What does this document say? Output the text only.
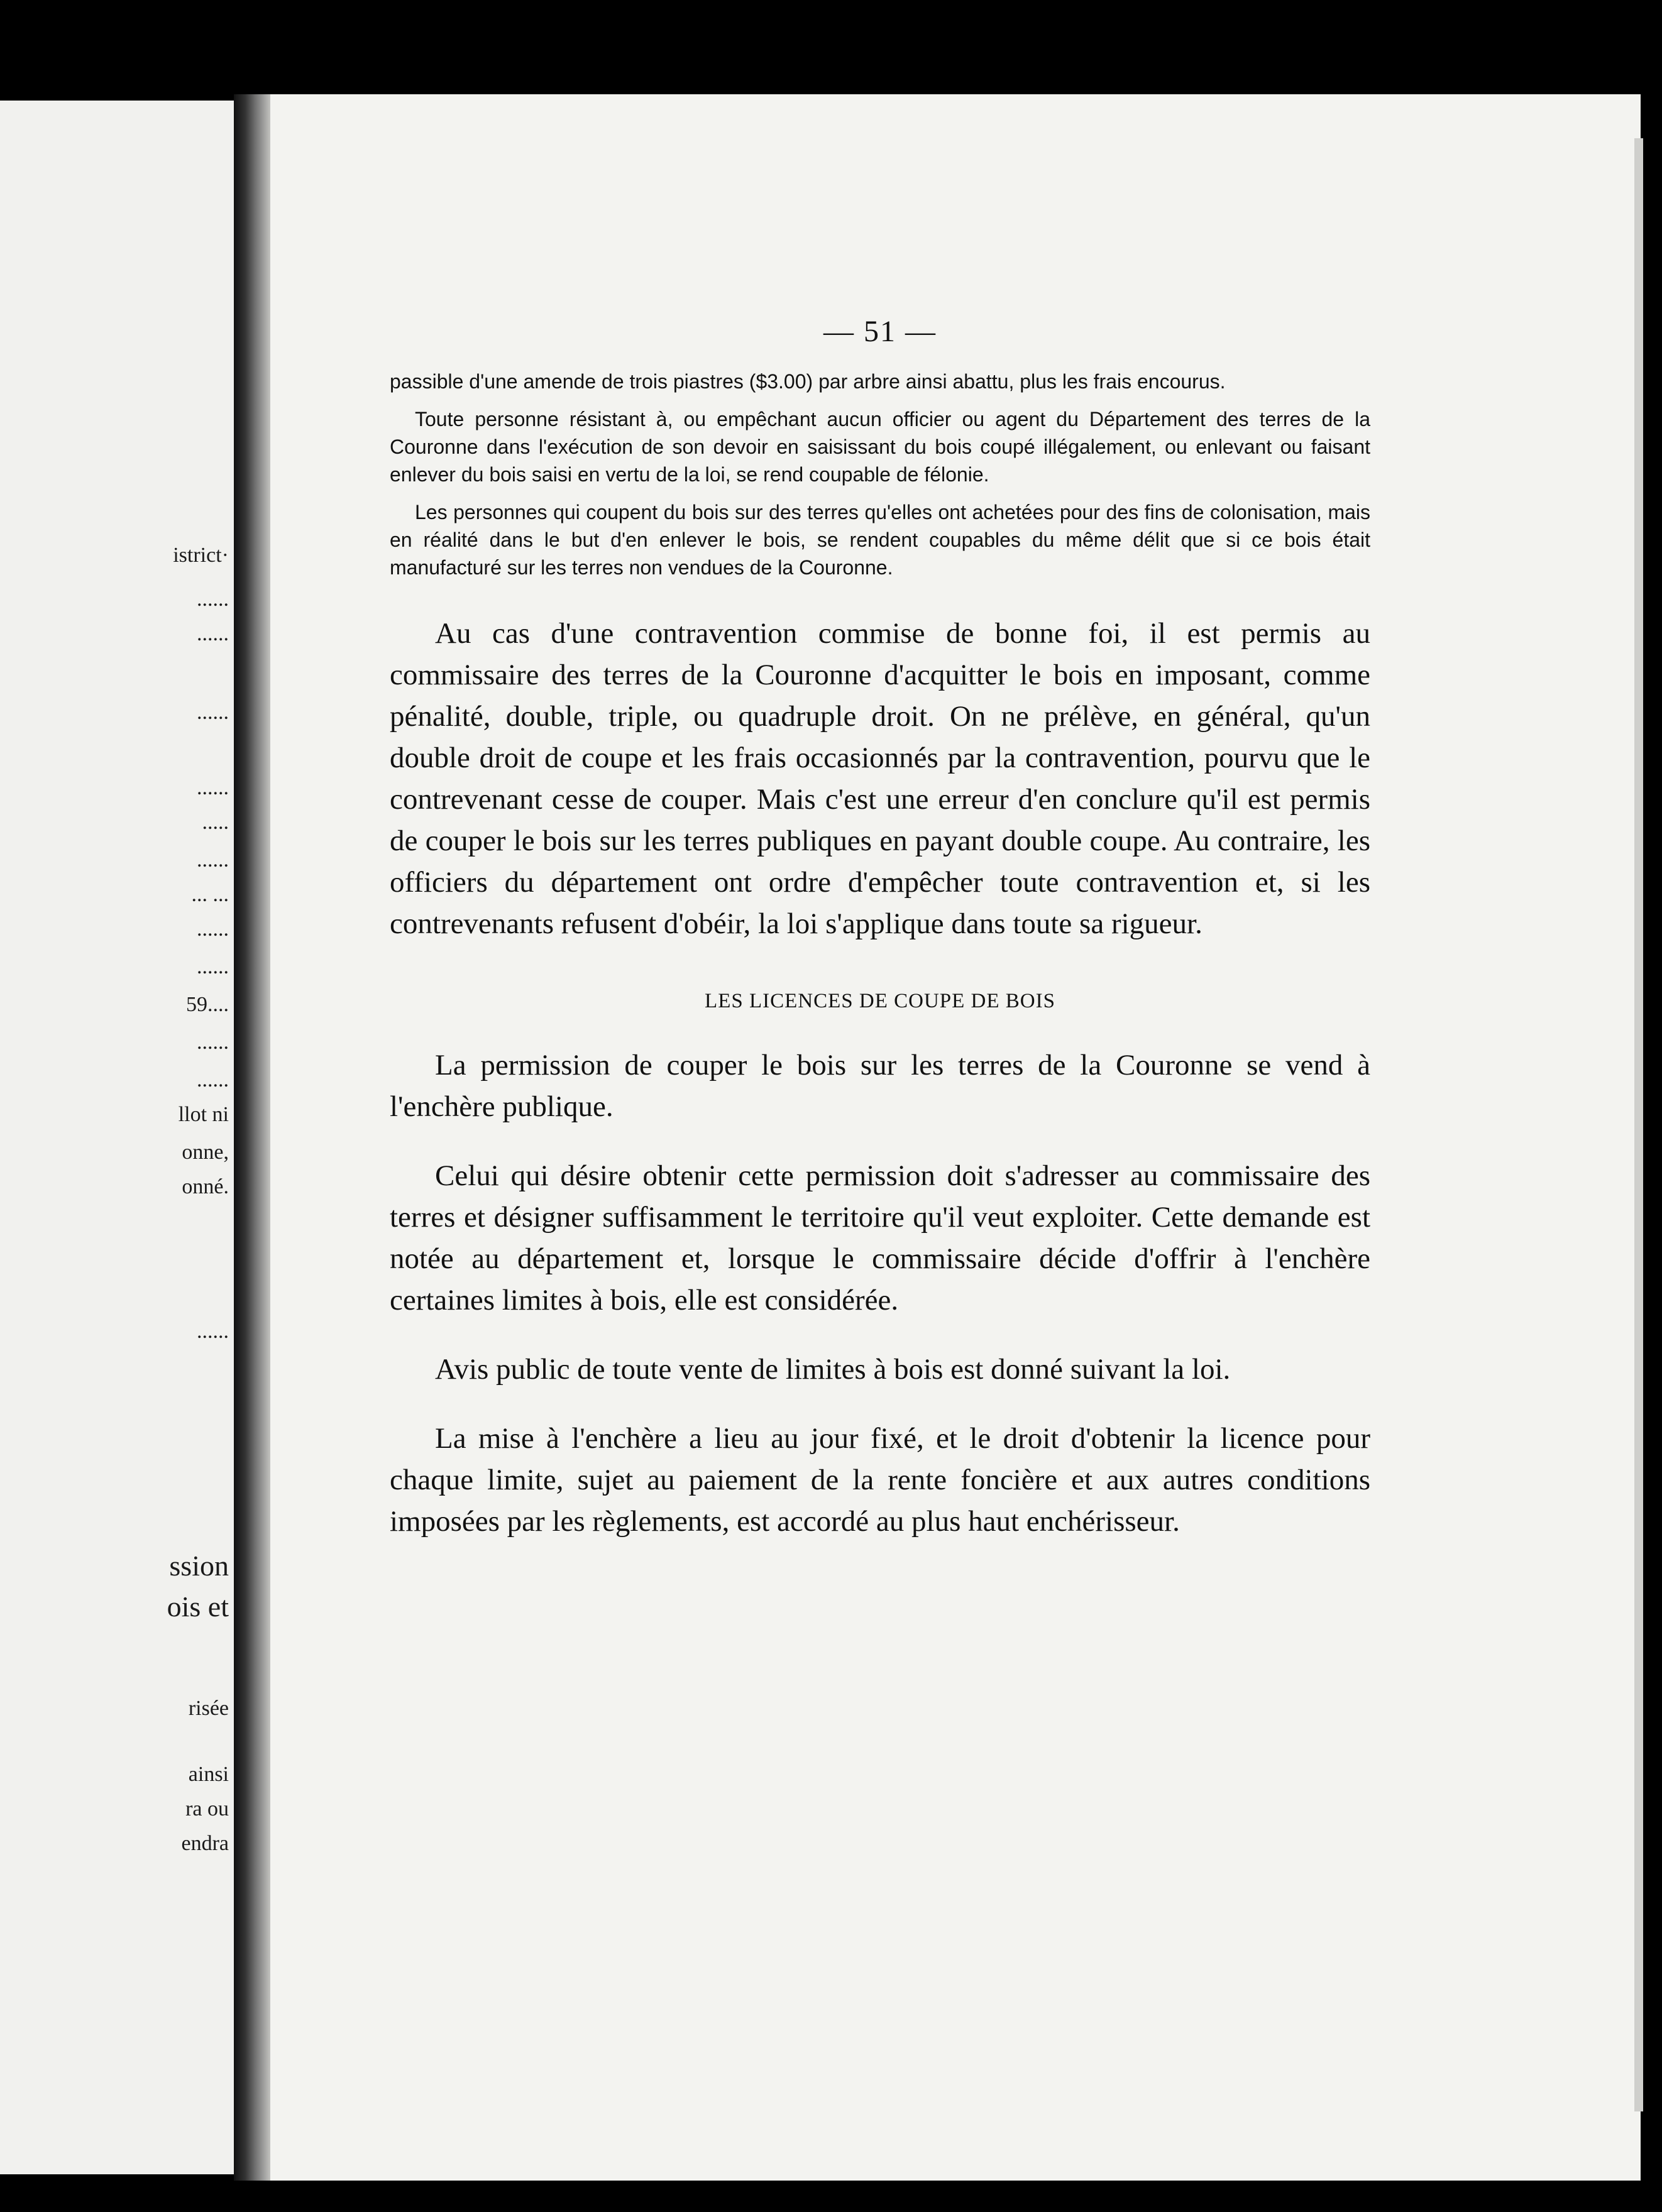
istrict·
......
......
......
......
.....
......
... ...
......
......
59....
......
......
llot ni
onne,
onné.
......
ssion
ois et
risée
ainsi
ra ou
endra
— 51 —

passible d'une amende de trois piastres ($3.00) par arbre ainsi abattu, plus les frais encourus.

Toute personne résistant à, ou empêchant aucun officier ou agent du Département des terres de la Couronne dans l'exécution de son devoir en saisissant du bois coupé illégalement, ou enlevant ou faisant enlever du bois saisi en vertu de la loi, se rend coupable de félonie.

Les personnes qui coupent du bois sur des terres qu'elles ont achetées pour des fins de colonisation, mais en réalité dans le but d'en enlever le bois, se rendent coupables du même délit que si ce bois était manufacturé sur les terres non vendues de la Couronne.

Au cas d'une contravention commise de bonne foi, il est permis au commissaire des terres de la Couronne d'acquitter le bois en imposant, comme pénalité, double, triple, ou quadruple droit. On ne prélève, en général, qu'un double droit de coupe et les frais occasionnés par la contravention, pourvu que le contrevenant cesse de couper. Mais c'est une erreur d'en conclure qu'il est permis de couper le bois sur les terres publiques en payant double coupe. Au contraire, les officiers du département ont ordre d'empêcher toute contravention et, si les contrevenants refusent d'obéir, la loi s'applique dans toute sa rigueur.

LES LICENCES DE COUPE DE BOIS

La permission de couper le bois sur les terres de la Couronne se vend à l'enchère publique.

Celui qui désire obtenir cette permission doit s'adresser au commissaire des terres et désigner suffisamment le territoire qu'il veut exploiter. Cette demande est notée au département et, lorsque le commissaire décide d'offrir à l'enchère certaines limites à bois, elle est considérée.

Avis public de toute vente de limites à bois est donné suivant la loi.

La mise à l'enchère a lieu au jour fixé, et le droit d'obtenir la licence pour chaque limite, sujet au paiement de la rente foncière et aux autres conditions imposées par les règlements, est accordé au plus haut enchérisseur.
